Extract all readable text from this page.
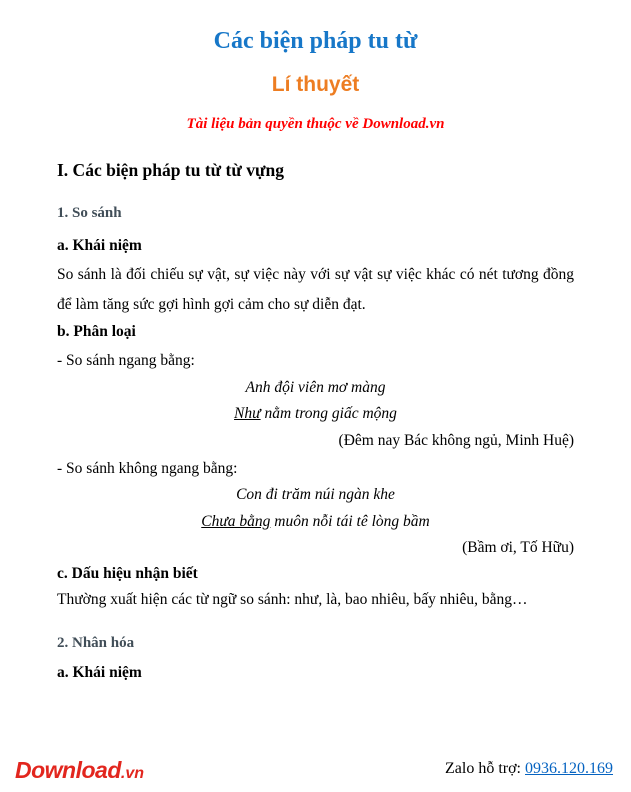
Các biện pháp tu từ
Lí thuyết
Tài liệu bản quyền thuộc về Download.vn
I. Các biện pháp tu từ từ vựng
1. So sánh
a. Khái niệm
So sánh là đối chiếu sự vật, sự việc này với sự vật sự việc khác có nét tương đồng để làm tăng sức gợi hình gợi cảm cho sự diễn đạt.
b. Phân loại
- So sánh ngang bằng:
Anh đội viên mơ màng
Như nằm trong giấc mộng
(Đêm nay Bác không ngủ, Minh Huệ)
- So sánh không ngang bằng:
Con đi trăm núi ngàn khe
Chưa bằng muôn nỗi tái tê lòng bầm
(Bầm ơi, Tố Hữu)
c. Dấu hiệu nhận biết
Thường xuất hiện các từ ngữ so sánh: như, là, bao nhiêu, bấy nhiêu, bằng…
2. Nhân hóa
a. Khái niệm
Download.vn	Zalo hỗ trợ: 0936.120.169
